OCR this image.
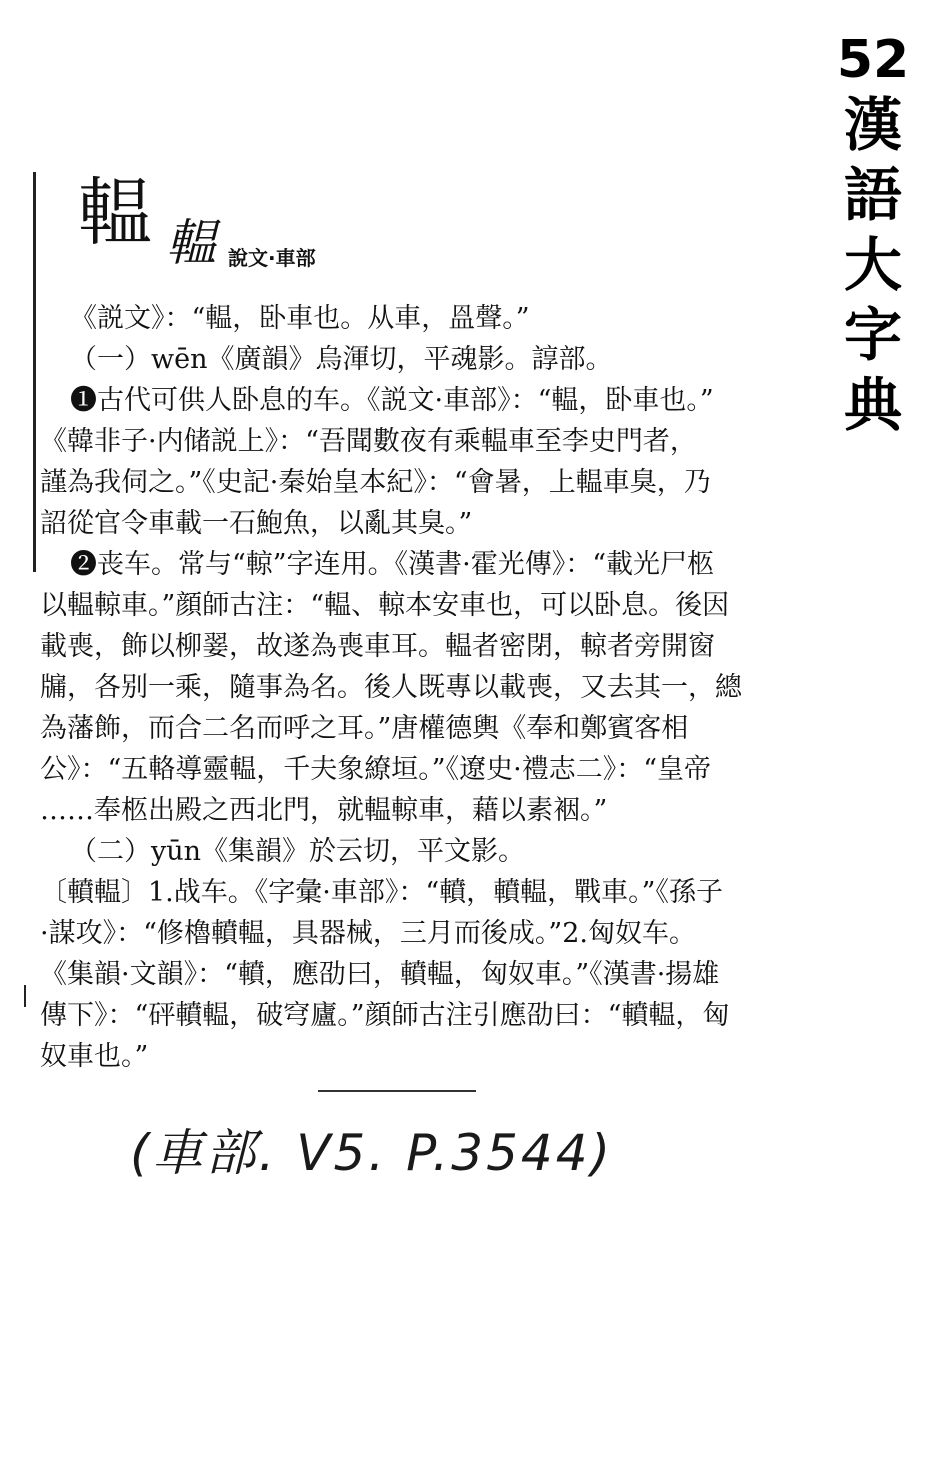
52
漢
語
大
字
典
輼 輼 說文·車部

《説文》：“輼，卧車也。从車，𥁕聲。”

（一）wēn《廣韻》烏渾切，平魂影。諄部。

❶古代可供人卧息的车。《説文·車部》：“輼，卧車也。”

《韓非子·内储説上》：“吾聞數夜有乘輼車至李史門者，

謹為我伺之。”《史記·秦始皇本紀》：“會暑，上輼車臭，乃

詔從官令車載一石鮑魚，以亂其臭。”

❷丧车。常与“輬”字连用。《漢書·霍光傳》：“載光尸柩

以輼輬車。”顔師古注：“輼、輬本安車也，可以卧息。後因

載喪，飾以柳翣，故遂為喪車耳。輼者密閉，輬者旁開窗

牖，各别一乘，隨事為名。後人既專以載喪，又去其一，總

為藩飾，而合二名而呼之耳。”唐權德輿《奉和鄭賓客相

公》：“五輅導靈輼，千夫象繚垣。”《遼史·禮志二》：“皇帝

……奉柩出殿之西北門，就輼輬車，藉以素裀。”

（二）yūn《集韻》於云切，平文影。

〔轒輼〕1.战车。《字彙·車部》：“轒，轒輼，戰車。”《孫子

·謀攻》：“修櫓轒輼，具器械，三月而後成。”2.匈奴车。

《集韻·文韻》：“轒，應劭曰，轒輼，匈奴車。”《漢書·揚雄

傳下》：“砰轒輼，破穹廬。”顔師古注引應劭曰：“轒輼，匈

奴車也。”

(車部. V5. P.3544)
